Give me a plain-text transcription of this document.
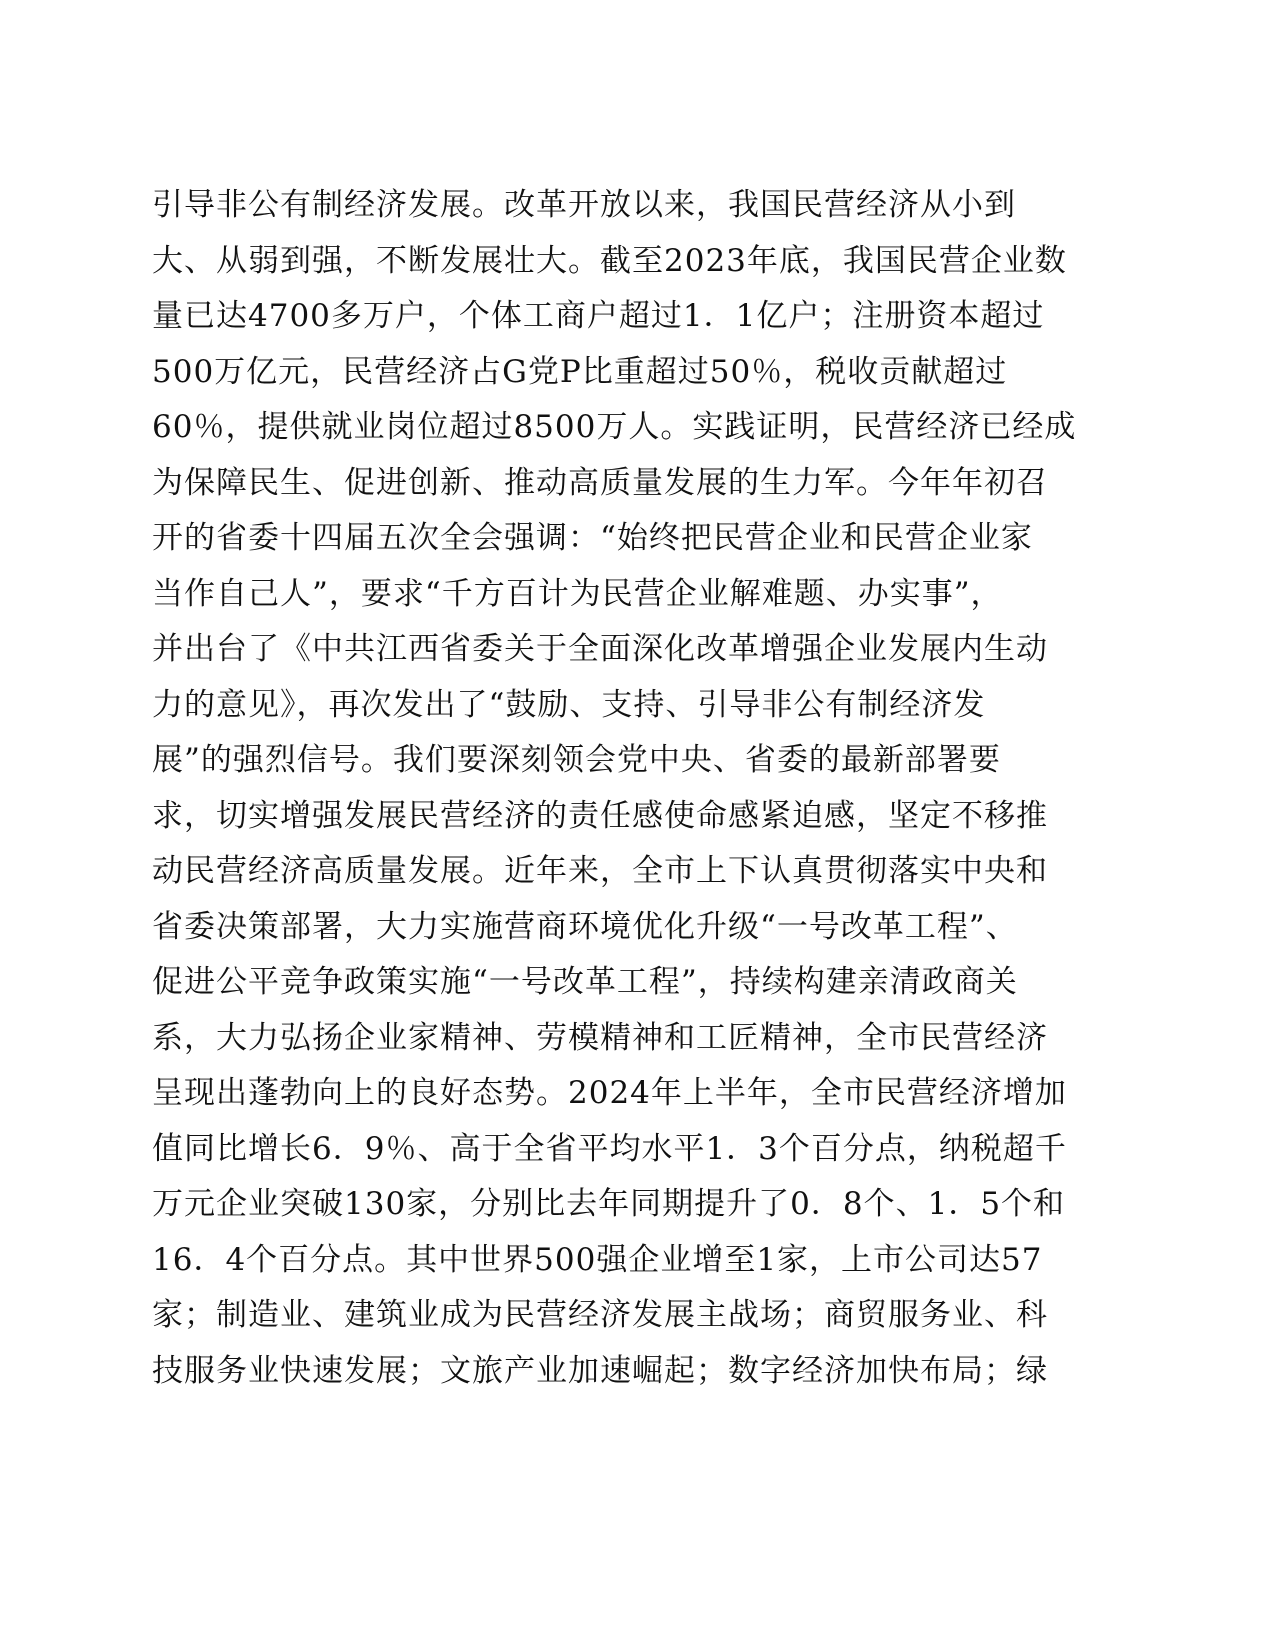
引导非公有制经济发展。改革开放以来，我国民营经济从小到
大、从弱到强，不断发展壮大。截至2023年底，我国民营企业数
量已达4700多万户，个体工商户超过1．1亿户；注册资本超过
500万亿元，民营经济占G党P比重超过50％，税收贡献超过
60％，提供就业岗位超过8500万人。实践证明，民营经济已经成
为保障民生、促进创新、推动高质量发展的生力军。今年年初召
开的省委十四届五次全会强调：“始终把民营企业和民营企业家
当作自己人”，要求“千方百计为民营企业解难题、办实事”，
并出台了《中共江西省委关于全面深化改革增强企业发展内生动
力的意见》，再次发出了“鼓励、支持、引导非公有制经济发
展”的强烈信号。我们要深刻领会党中央、省委的最新部署要
求，切实增强发展民营经济的责任感使命感紧迫感，坚定不移推
动民营经济高质量发展。近年来，全市上下认真贯彻落实中央和
省委决策部署，大力实施营商环境优化升级“一号改革工程”、
促进公平竞争政策实施“一号改革工程”，持续构建亲清政商关
系，大力弘扬企业家精神、劳模精神和工匠精神，全市民营经济
呈现出蓬勃向上的良好态势。2024年上半年，全市民营经济增加
值同比增长6．9％、高于全省平均水平1．3个百分点，纳税超千
万元企业突破130家，分别比去年同期提升了0．8个、1．5个和
16．4个百分点。其中世界500强企业增至1家，上市公司达57
家；制造业、建筑业成为民营经济发展主战场；商贸服务业、科
技服务业快速发展；文旅产业加速崛起；数字经济加快布局；绿
